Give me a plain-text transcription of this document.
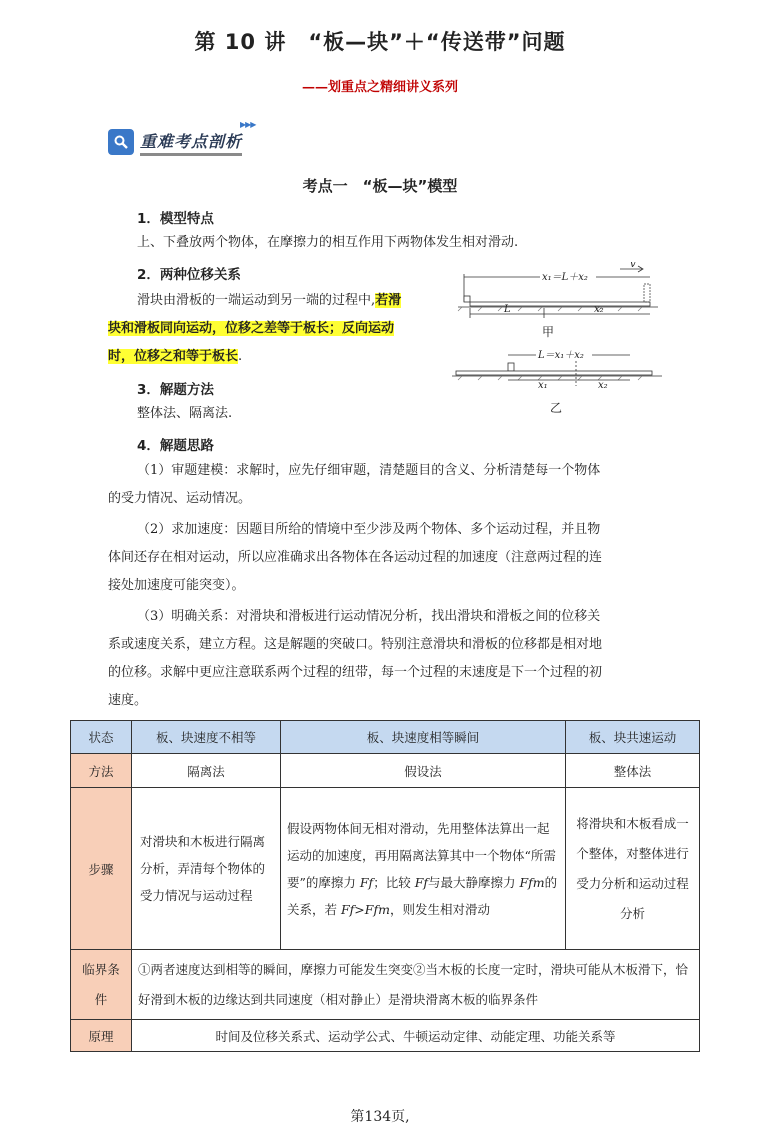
第 10 讲　“板—块”＋“传送带”问题
——划重点之精细讲义系列
重难考点剖析
▶▶▶
考点一　“板—块”模型
1．模型特点
上、下叠放两个物体，在摩擦力的相互作用下两物体发生相对滑动.
2．两种位移关系
滑块由滑板的一端运动到另一端的过程中,若滑
块和滑板同向运动，位移之差等于板长；反向运动
时，位移之和等于板长.
3．解题方法
整体法、隔离法.
4．解题思路
（1）审题建模：求解时，应先仔细审题，清楚题目的含义、分析清楚每一个物体
的受力情况、运动情况。
（2）求加速度：因题目所给的情境中至少涉及两个物体、多个运动过程，并且物
体间还存在相对运动，所以应准确求出各物体在各运动过程的加速度（注意两过程的连
接处加速度可能突变）。
（3）明确关系：对滑块和滑板进行运动情况分析，找出滑块和滑板之间的位移关
系或速度关系，建立方程。这是解题的突破口。特别注意滑块和滑板的位移都是相对地
的位移。求解中更应注意联系两个过程的纽带，每一个过程的末速度是下一个过程的初
速度。
x₁＝L＋x₂
v
L	x₂
甲
L＝x₁＋x₂
x₁	x₂
乙
状态	板、块速度不相等	板、块速度相等瞬间	板、块共速运动
方法	隔离法	假设法	整体法
步骤	对滑块和木板进行隔离分析，弄清每个物体的受力情况与运动过程	假设两物体间无相对滑动，先用整体法算出一起运动的加速度，再用隔离法算其中一个物体“所需要”的摩擦力 Ff；比较 Ff与最大静摩擦力 Ffm的关系，若 Ff>Ffm，则发生相对滑动	将滑块和木板看成一个整体，对整体进行受力分析和运动过程分析
临界条件	①两者速度达到相等的瞬间，摩擦力可能发生突变②当木板的长度一定时，滑块可能从木板滑下，恰好滑到木板的边缘达到共同速度（相对静止）是滑块滑离木板的临界条件		
原理	时间及位移关系式、运动学公式、牛顿运动定律、动能定理、功能关系等		
第134页,
